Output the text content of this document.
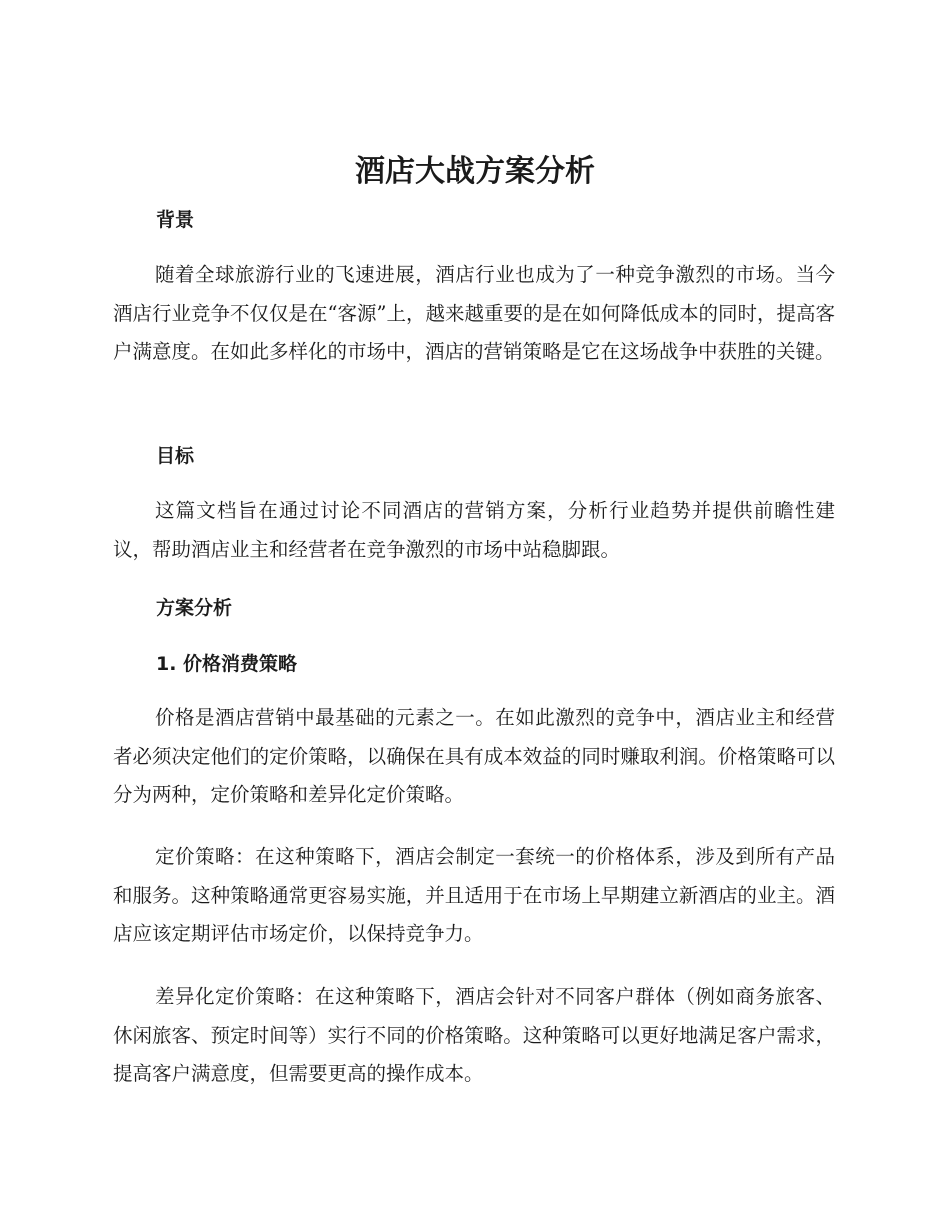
酒店大战方案分析
背景

随着全球旅游行业的飞速进展，酒店行业也成为了一种竞争激烈的市场。当今酒店行业竞争不仅仅是在“客源”上，越来越重要的是在如何降低成本的同时，提高客户满意度。在如此多样化的市场中，酒店的营销策略是它在这场战争中获胜的关键。

目标

这篇文档旨在通过讨论不同酒店的营销方案，分析行业趋势并提供前瞻性建议，帮助酒店业主和经营者在竞争激烈的市场中站稳脚跟。

方案分析
1. 价格消费策略

价格是酒店营销中最基础的元素之一。在如此激烈的竞争中，酒店业主和经营者必须决定他们的定价策略，以确保在具有成本效益的同时赚取利润。价格策略可以分为两种，定价策略和差异化定价策略。

定价策略：在这种策略下，酒店会制定一套统一的价格体系，涉及到所有产品和服务。这种策略通常更容易实施，并且适用于在市场上早期建立新酒店的业主。酒店应该定期评估市场定价，以保持竞争力。

差异化定价策略：在这种策略下，酒店会针对不同客户群体（例如商务旅客、休闲旅客、预定时间等）实行不同的价格策略。这种策略可以更好地满足客户需求，提高客户满意度，但需要更高的操作成本。
